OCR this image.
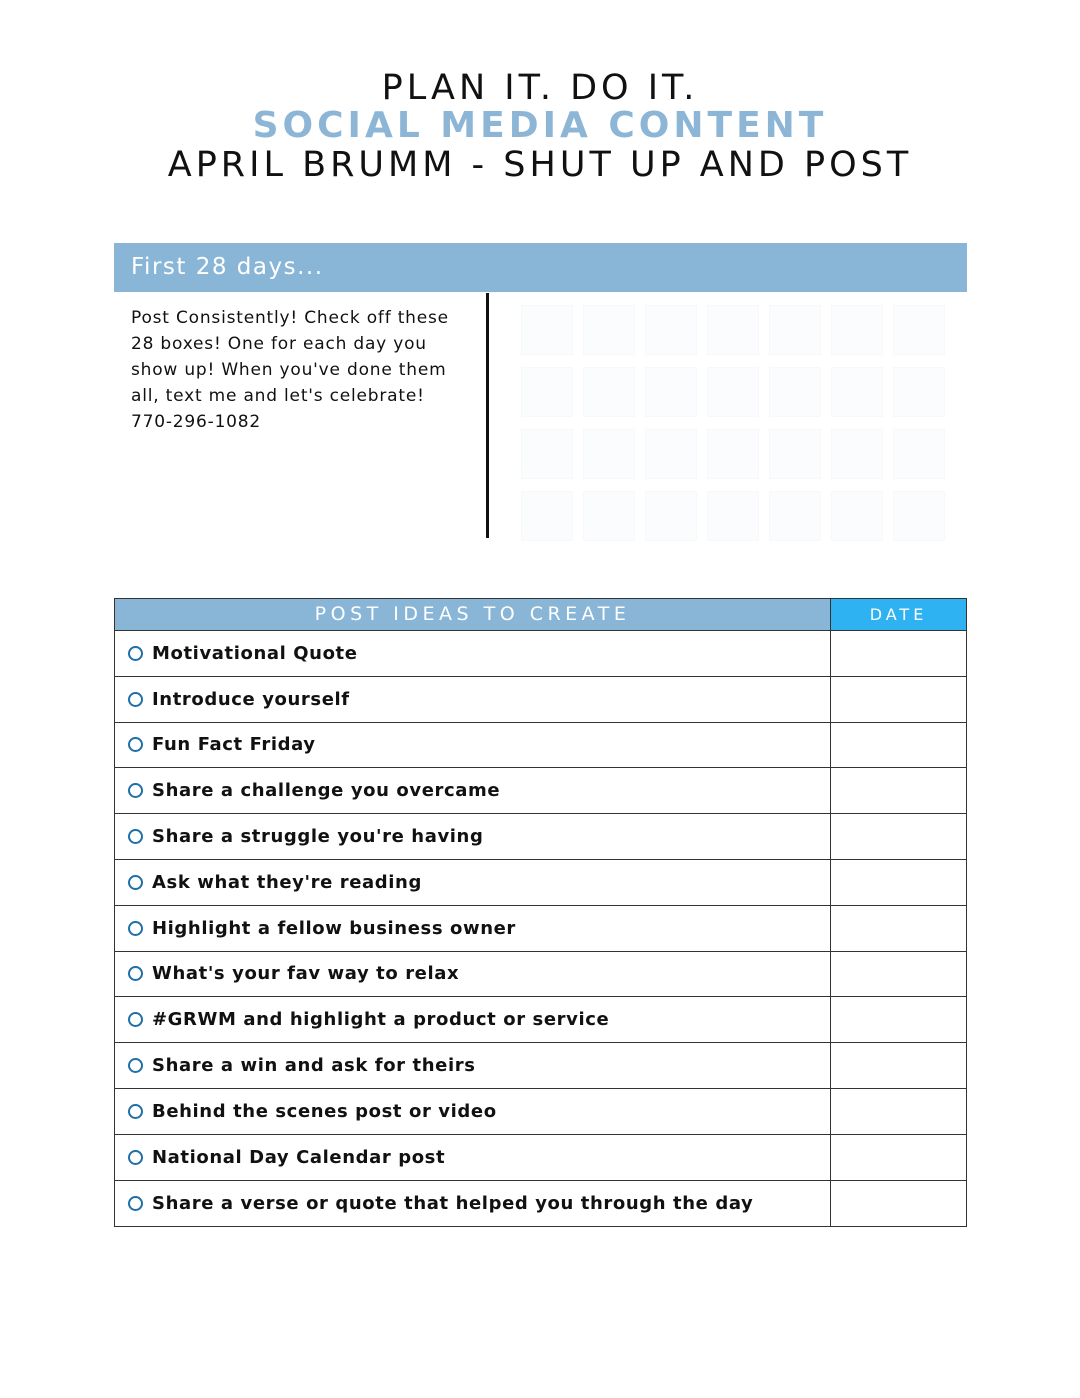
PLAN IT. DO IT.
SOCIAL MEDIA CONTENT
APRIL BRUMM - SHUT UP AND POST
First 28 days...

Post Consistently! Check off these

28 boxes! One for each day you

show up! When you've done them

all, text me and let's celebrate!

770-296-1082

POST IDEAS TO CREATE	DATE
Motivational Quote
Introduce yourself
Fun Fact Friday
Share a challenge you overcame
Share a struggle you're having
Ask what they're reading
Highlight a fellow business owner
What's your fav way to relax
#GRWM and highlight a product or service
Share a win and ask for theirs
Behind the scenes post or video
National Day Calendar post
Share a verse or quote that helped you through the day
